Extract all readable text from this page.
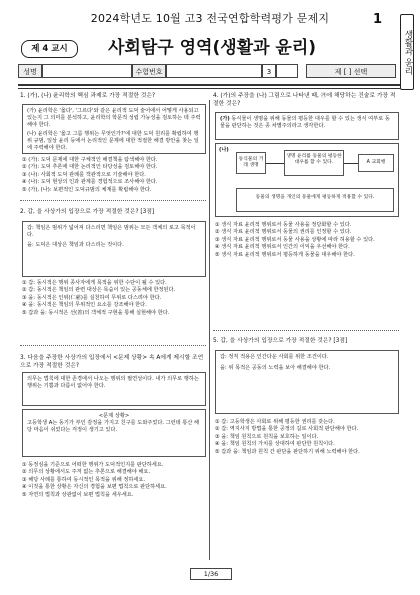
2024학년도 10월 고3 전국연합학력평가 문제지	1
생활과 윤리
제 4 교시	사회탐구 영역(생활과 윤리)
성명	수험번호	3	제 [ ] 선택
1. (가), (나) 윤리학의 핵심 과제로 가장 적절한 것은?
(가) 윤리학은 '옳다', '그르다'와 같은 윤리적 도덕 술어에서 어떻게 사용되고 있는지 그 의미를 분석하고, 윤리학의 학문적 성립 가능성을 검토하는 데 주력해야 한다.
(나) 윤리학은 '옳고 그름 행위는 무엇인가?'에 대한 도덕 원리를 확립하여 행위 규범, 일상 윤리 등에서 논리적인 문제에 대한 적절한 해결 방안을 찾는 일에 주력해야 한다.
① (가): 도덕 문제에 대한 구체적인 해결책을 탐색해야 한다.
② (가): 도덕 추론에 대한 논리적인 타당성을 검토해야 한다.
③ (나): 사회적 도덕 관례를 객관적으로 기술해야 한다.
④ (나): 도덕 현상의 인과 관계를 경험적으로 조사해야 한다.
⑤ (가), (나): 보편적인 도덕규범의 체계를 확립해야 한다.
2. 갑, 을 사상가의 입장으로 가장 적절한 것은? [3점]
갑: 책임은 범위가 넓어져 다스리면 책임은 범위는 모든 객체의 로고 목적이다.
을: 도덕은 대상은 책임과 다스리는 것이다.
① 갑: 동시적은 행위 종사자에게 목적을 위한 수단이 될 수 있다.
② 갑: 동시적은 책임의 관련 대상은 목숨이 있는 공동체에 한정된다.
③ 을: 동시적은 인위(仁慈)를 실천하여 무위로 다스려야 한다.
④ 을: 동시적은 책임의 무위적인 요소를 강조해야 한다.
⑤ 갑과 을: 동시적은 선(善)의 객체적 구현을 통해 실현해야 한다.
3. 다음을 주장한 사상가의 입장에서 <문제 상황> 속 A에게 제시할 조언으로 가장 적절한 것은?
의무는 법칙에 대한 존경에서 나오는 행위의 필연성이다. 내가 의무로 행하는 행위는 기쁨과 다름이 없어야 한다.
<문제 상황>
고등학생 A는 동기가 부인 감정을 가지고 친구를 도와주었다. 그런데 통산 해당 마음이 쉬었다는 걱정이 생기고 있다.
① 동정심을 기준으로 어떠한 행위가 도덕적인지를 판단하세요.
② 의무의 상황에서도 주저 없는 추론으로 해결해야 해요.
③ 해당 사례를 통하여 동시적인 목적을 위해 정하세요.
④ 이것을 통한 상황은 자신의 경험을 보편 법칙으로 판단하세요.
⑤ 자연의 법칙과 상관없이 보편 법칙을 세우세요.
4. (가)의 주장을 (나) 그림으로 나타낸 때, ㉮에 해당하는 진술로 가장 적절한 것은?
(가) 동식물이 생명을 위해 동물의 평등한 대우를 할 수 있는 생식 여부로 동물을 판단하는 것은 종 차별주의라고 생각한다.
(나)
동식물의 거래 생명
생명 윤리를 동물의 평등한 대우를 할 수 있다.	A 교회행
동물의 생명을 개인의 동물에게 평등하게 적용할 수 있다.
① 생식 자료 윤리적 행위로서 동물 사용을 정당화할 수 있다.
② 생식 자료 윤리적 행위로서 동물의 권리를 인정할 수 있다.
③ 생식 자료 윤리적 행위로서 동물 사용을 상황에 따라 허용할 수 있다.
④ 생식 자료 윤리적 행위로서 인간의 이익을 우선해야 한다.
⑤ 생식 자료 윤리적 행위로서 평등하게 동물을 대우해야 한다.
5. 갑, 을 사상가의 입장으로 가장 적절한 것은? [3점]
갑: 정직 적용은 인간다운 사회를 위한 조건이다.
을: 위 목적은 공동의 노력을 보아 해결해야 한다.
① 갑: 고등학생은 사회로 위해 평등한 권리를 갖는다.
② 갑: 역지사지 방법을 통한 공정의 길로 사회적 판단해야 한다.
③ 을: 책임 원칙으로 원칙을 보호하는 일이다.
④ 을: 책임 원칙의 가치를 상대하여 판단한 원칙이다.
⑤ 갑과 을: 책임과 원칙 간 판단을 판단하기 위해 노력해야 한다.
1/36
